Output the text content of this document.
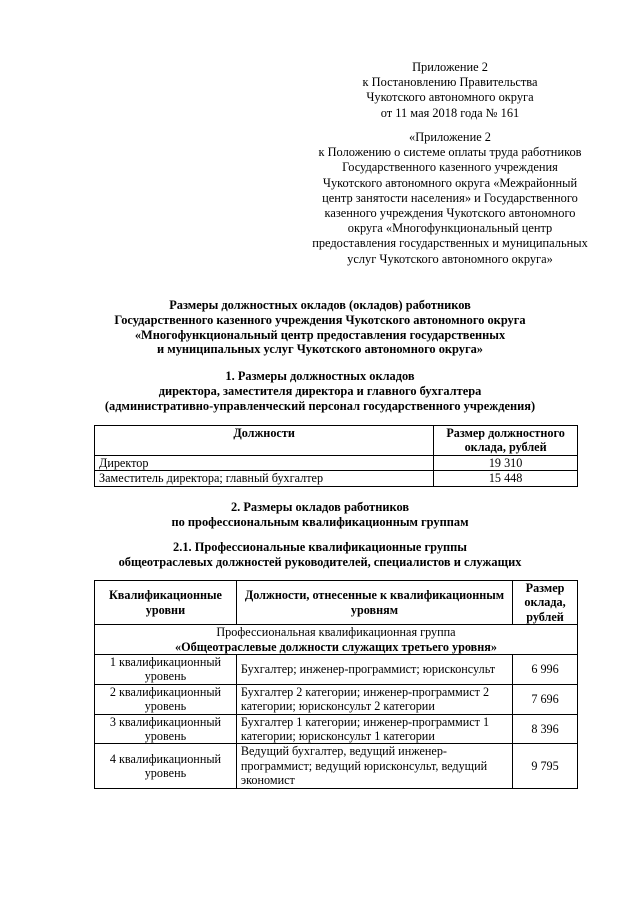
Приложение 2
к Постановлению Правительства
Чукотского автономного округа
от 11 мая 2018 года № 161
«Приложение 2
к Положению о системе оплаты труда работников
Государственного казенного учреждения
Чукотского автономного округа «Межрайонный
центр занятости населения» и Государственного
казенного учреждения Чукотского автономного
округа «Многофункциональный центр
предоставления государственных и муниципальных
услуг Чукотского автономного округа»
Размеры должностных окладов (окладов) работников
Государственного казенного учреждения Чукотского автономного округа
«Многофункциональный центр предоставления государственных
и муниципальных услуг Чукотского автономного округа»
1. Размеры должностных окладов
директора, заместителя директора и главного бухгалтера
(административно-управленческий персонал государственного учреждения)
Должности	Размер должностного оклада, рублей
Директор	19 310
Заместитель директора; главный бухгалтер	15 448
2. Размеры окладов работников
по профессиональным квалификационным группам
2.1. Профессиональные квалификационные группы
общеотраслевых должностей руководителей, специалистов и служащих
Квалификационные уровни	Должности, отнесенные к квалификационным уровням	Размер оклада, рублей

Профессиональная квалификационная группа
«Общеотраслевые должности служащих третьего уровня»		

1 квалификационный уровень	Бухгалтер; инженер-программист; юрисконсульт	6 996
2 квалификационный уровень	Бухгалтер 2 категории; инженер-программист 2 категории; юрисконсульт 2 категории	7 696
3 квалификационный уровень	Бухгалтер 1 категории; инженер-программист 1 категории; юрисконсульт 1 категории	8 396
4 квалификационный уровень	Ведущий бухгалтер, ведущий инженер-программист; ведущий юрисконсульт, ведущий экономист	9 795
